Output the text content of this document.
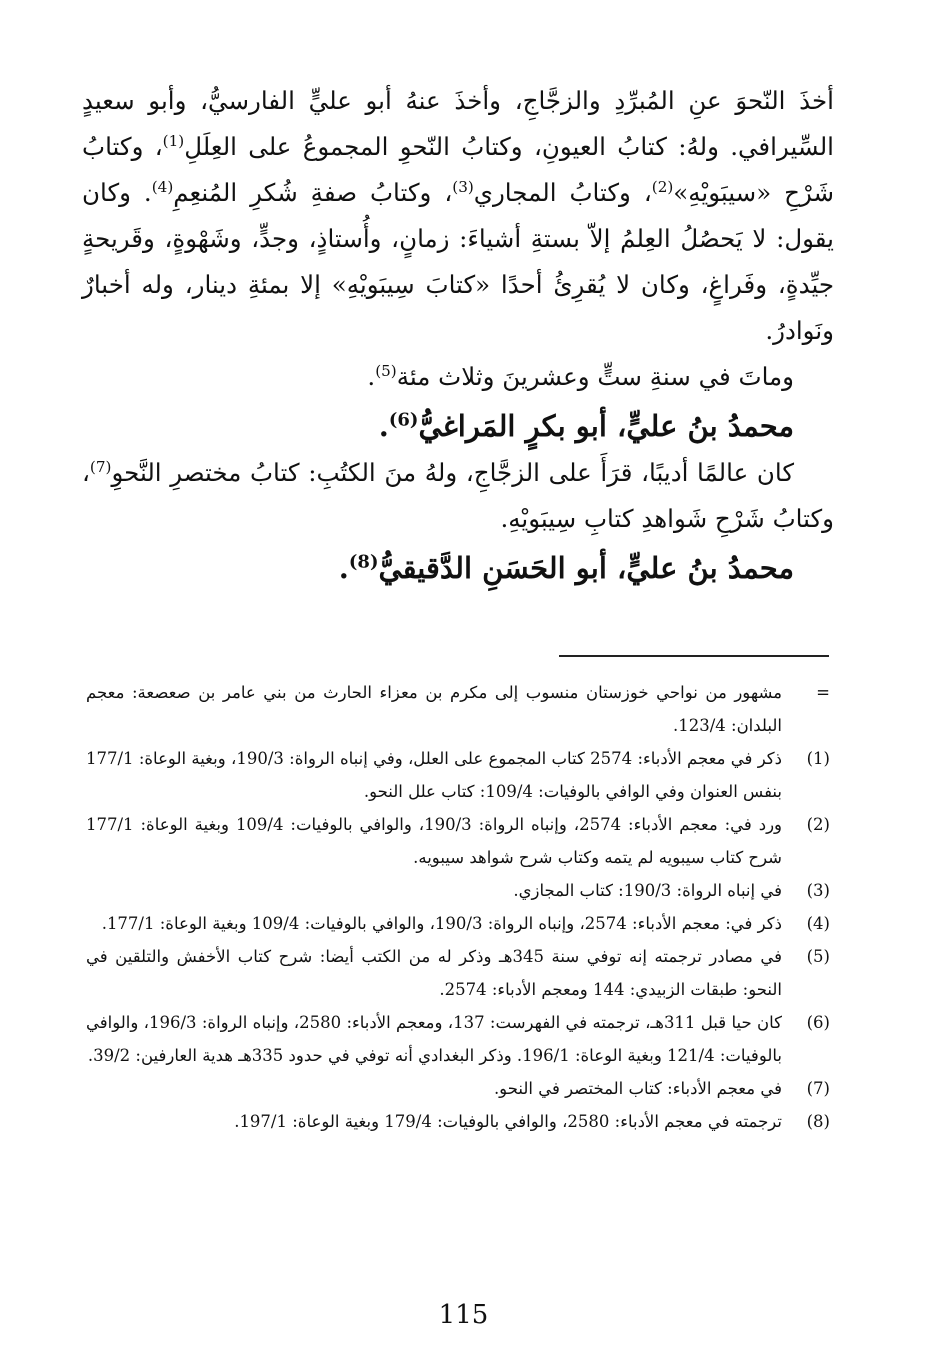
أخذَ النّحوَ عنِ المُبرِّدِ والزجَّاجِ، وأخذَ عنهُ أبو عليٍّ الفارسيُّ، وأبو سعيدٍ السِّيرافي. ولهُ: كتابُ العيونِ، وكتابُ النّحوِ المجموعُ على العِلَلِ$^{(1)}$، وكتابُ شَرْحِ «سيبَويْهِ»$^{(2)}$، وكتابُ المجاري$^{(3)}$، وكتابُ صفةِ شُكرِ المُنعِمِ$^{(4)}$. وكان يقول: لا يَحصُلُ العِلمُ إلاّ بستةِ أشياءَ: زمانٍ، وأُستاذٍ، وجدٍّ، وشَهْوةٍ، وقَريحةٍ جيِّدةٍ، وفَراغٍ، وكان لا يُقرِئُ أحدًا «كتابَ سِيبَويْهِ» إلا بمئةِ دينار، وله أخبارٌ ونَوادرُ.

وماتَ في سنةِ ستٍّ وعشرينَ وثلاث مئة$^{(5)}$.

محمدُ بنُ عليٍّ، أبو بكرٍ المَراغيُّ$^{(6)}$.

كان عالمًا أديبًا، قرَأَ على الزجَّاجِ، ولهُ منَ الكتُبِ: كتابُ مختصرِ النَّحوِ$^{(7)}$، وكتابُ شَرْحِ شَواهدِ كتابِ سِيبَويْهِ.

محمدُ بنُ عليٍّ، أبو الحَسَنِ الدَّقيقيُّ$^{(8)}$.

=
مشهور من نواحي خوزستان منسوب إلى مكرم بن معزاء الحارث من بني عامر بن صعصعة: معجم البلدان: 123/4.
(1)
ذكر في معجم الأدباء: 2574 كتاب المجموع على العلل، وفي إنباه الرواة: 190/3، وبغية الوعاة: 177/1 بنفس العنوان وفي الوافي بالوفيات: 109/4: كتاب علل النحو.
(2)
ورد في: معجم الأدباء: 2574، وإنباه الرواة: 190/3، والوافي بالوفيات: 109/4 وبغية الوعاة: 177/1 شرح كتاب سيبويه لم يتمه وكتاب شرح شواهد سيبويه.
(3)
في إنباه الرواة: 190/3: كتاب المجازي.
(4)
ذكر في: معجم الأدباء: 2574، وإنباه الرواة: 190/3، والوافي بالوفيات: 109/4 وبغية الوعاة: 177/1.
(5)
في مصادر ترجمته إنه توفي سنة 345هـ وذكر له من الكتب أيضا: شرح كتاب الأخفش والتلقين في النحو: طبقات الزبيدي: 144 ومعجم الأدباء: 2574.
(6)
كان حيا قبل 311هـ، ترجمته في الفهرست: 137، ومعجم الأدباء: 2580، وإنباه الرواة: 196/3، والوافي بالوفيات: 121/4 وبغية الوعاة: 196/1. وذكر البغدادي أنه توفي في حدود 335هـ هدية العارفين: 39/2.
(7)
في معجم الأدباء: كتاب المختصر في النحو.
(8)
ترجمته في معجم الأدباء: 2580، والوافي بالوفيات: 179/4 وبغية الوعاة: 197/1.
115
